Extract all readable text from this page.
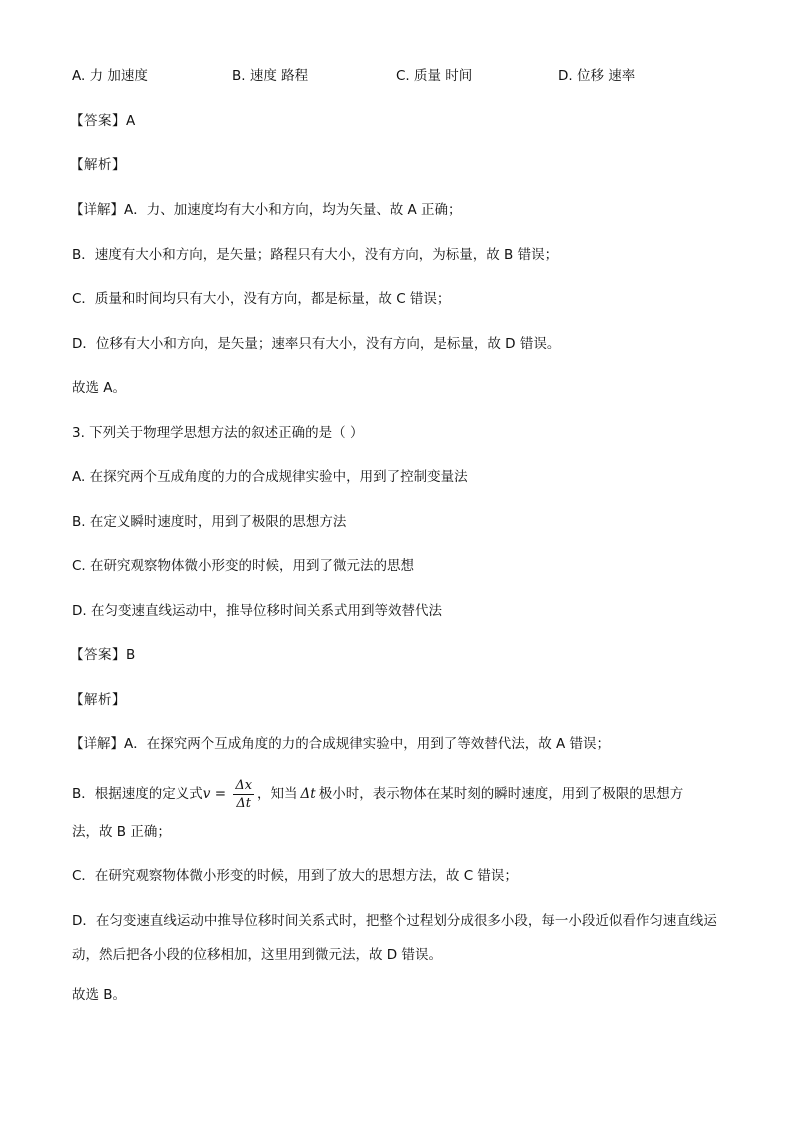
A. 力 加速度	B. 速度 路程	C. 质量 时间	D. 位移 速率
【答案】A
【解析】
【详解】A．力、加速度均有大小和方向，均为矢量、故 A 正确；
B．速度有大小和方向，是矢量；路程只有大小，没有方向，为标量，故 B 错误；
C．质量和时间均只有大小，没有方向，都是标量，故 C 错误；
D．位移有大小和方向，是矢量；速率只有大小，没有方向，是标量，故 D 错误。
故选 A。
3. 下列关于物理学思想方法的叙述正确的是（ ）
A. 在探究两个互成角度的力的合成规律实验中，用到了控制变量法
B. 在定义瞬时速度时，用到了极限的思想方法
C. 在研究观察物体微小形变的时候，用到了微元法的思想
D. 在匀变速直线运动中，推导位移时间关系式用到等效替代法
【答案】B
【解析】
【详解】A．在探究两个互成角度的力的合成规律实验中，用到了等效替代法，故 A 错误；
B．根据速度的定义式$v = \frac{\Delta x}{\Delta t}$ ，知当 Δt 极小时，表示物体在某时刻的瞬时速度，用到了极限的思想方
法，故 B 正确；
C．在研究观察物体微小形变的时候，用到了放大的思想方法，故 C 错误；
D．在匀变速直线运动中推导位移时间关系式时，把整个过程划分成很多小段，每一小段近似看作匀速直线运动，然后把各小段的位移相加，这里用到微元法，故 D 错误。
故选 B。
